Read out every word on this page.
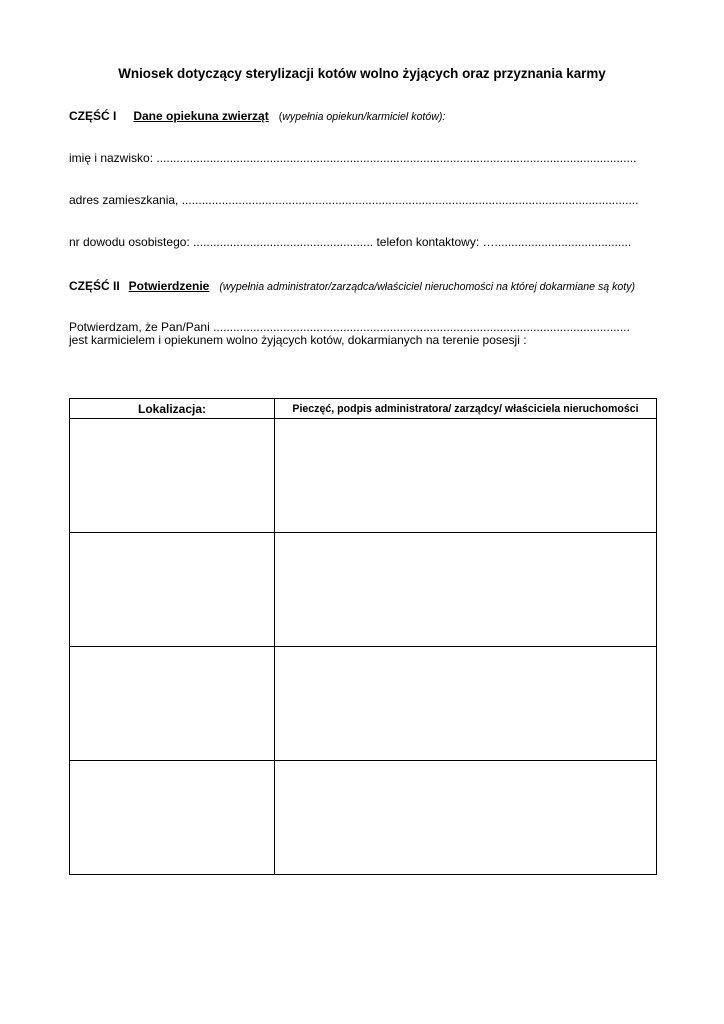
Wniosek dotyczący sterylizacji kotów wolno żyjących oraz przyznania karmy
CZĘŚĆ I Dane opiekuna zwierząt (wypełnia opiekun/karmiciel kotów):
imię i nazwisko: ................................................................................................................................................
adres zamieszkania, .........................................................................................................................................
nr dowodu osobistego: ...................................................... telefon kontaktowy: ….........................................
CZĘŚĆ II Potwierdzenie (wypełnia administrator/zarządca/właściciel nieruchomości na której dokarmiane są koty)
Potwierdzam, że Pan/Pani .............................................................................................................................
jest karmicielem i opiekunem wolno żyjących kotów, dokarmianych na terenie posesji :
Lokalizacja:	Pieczęć, podpis administratora/ zarządcy/ właściciela nieruchomości
